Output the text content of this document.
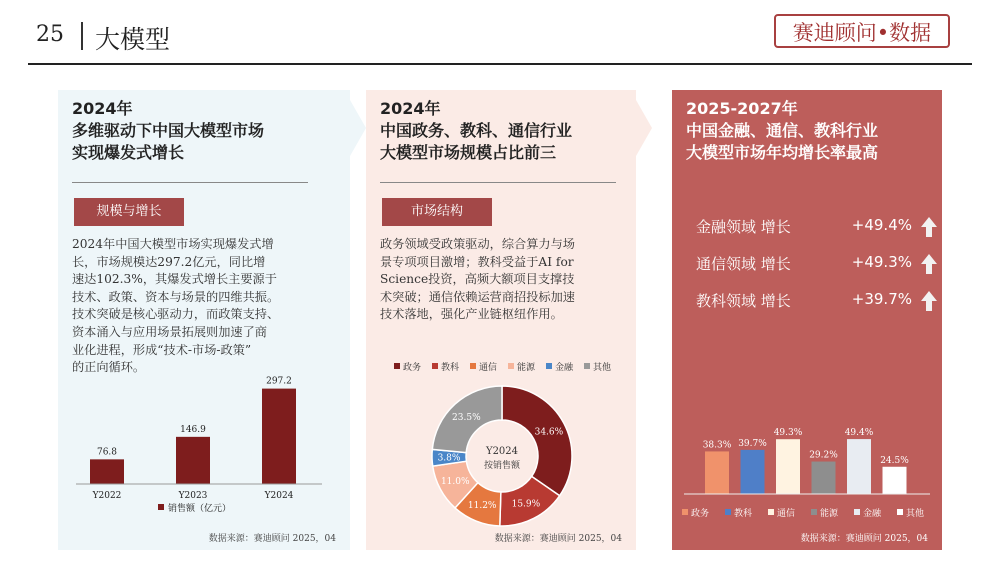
25 大模型	赛迪顾问•数据
2024年
多维驱动下中国大模型市场
实现爆发式增长
规模与增长
2024年中国大模型市场实现爆发式增
长，市场规模达297.2亿元，同比增
速达102.3%，其爆发式增长主要源于
技术、政策、资本与场景的四维共振。
技术突破是核心驱动力，而政策支持、
资本涌入与应用场景拓展则加速了商
业化进程，形成“技术-市场-政策”
的正向循环。
76.8
Y2022
146.9
Y2023
297.2
Y2024
销售额（亿元）
数据来源：赛迪顾问 2025，04
2024年
中国政务、教科、通信行业
大模型市场规模占比前三
市场结构
政务领域受政策驱动，综合算力与场
景专项项目激增；教科受益于AI for
Science投资，高频大额项目支撑技
术突破；通信依赖运营商招投标加速
技术落地，强化产业链枢纽作用。
政务 教科 通信 能源 金融 其他
34.6%
15.9%
11.2%
11.0%
3.8%
23.5%
Y2024
按销售额
数据来源：赛迪顾问 2025，04
2025-2027年
中国金融、通信、教科行业
大模型市场年均增长率最高
金融领域 增长	+49.4%
通信领域 增长	+49.3%
教科领域 增长	+39.7%
38.3% 39.7%
49.3%
29.2%
49.4%
24.5%
政务	教科	通信	能源	金融	其他
数据来源：赛迪顾问 2025，04
